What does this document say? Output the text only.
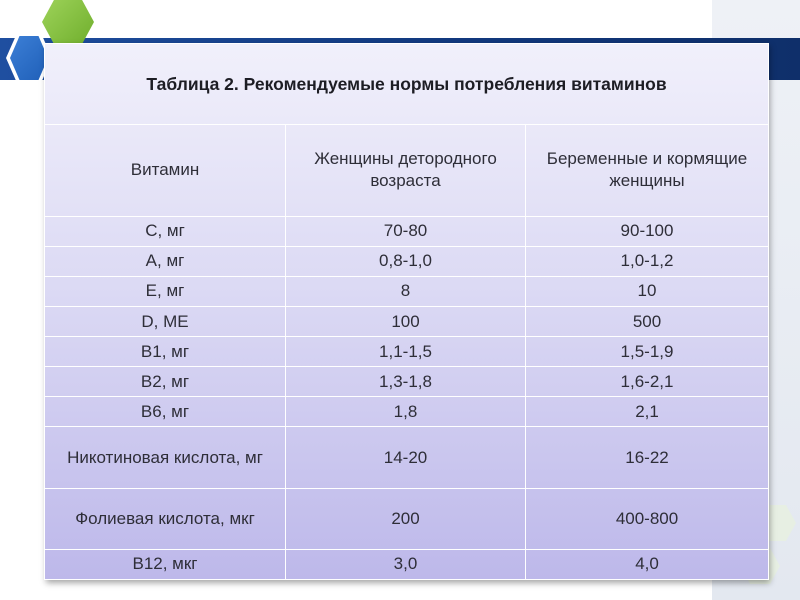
Таблица 2. Рекомендуемые нормы потребления витаминов		
Витамин	Женщины детородного возраста	Беременные и кормящие женщины
С, мг	70-80	90-100
А, мг	0,8-1,0	1,0-1,2
Е, мг	8	10
D, МЕ	100	500
В1, мг	1,1-1,5	1,5-1,9
В2, мг	1,3-1,8	1,6-2,1
В6, мг	1,8	2,1
Никотиновая кислота, мг	14-20	16-22
Фолиевая кислота, мкг	200	400-800
В12, мкг	3,0	4,0
